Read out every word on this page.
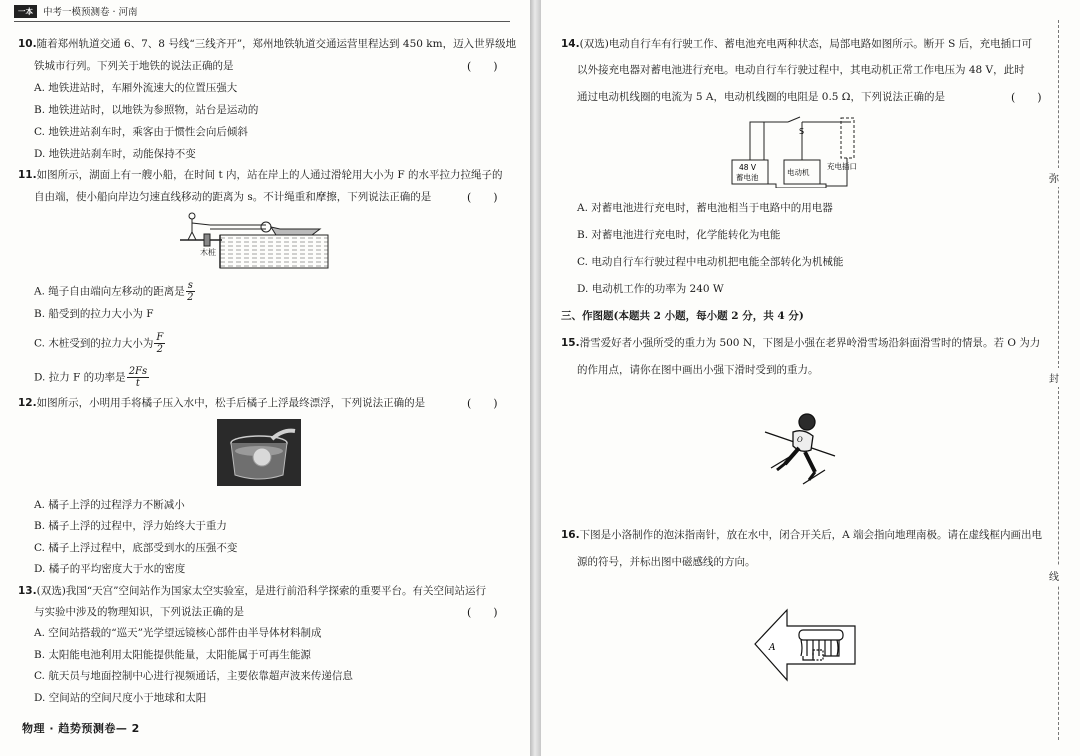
一本	中考一模预测卷 · 河南
10.随着郑州轨道交通 6、7、8 号线“三线齐开”，郑州地铁轨道交通运营里程达到 450 km，迈入世界级地
铁城市行列。下列关于地铁的说法正确的是	(　　)
A. 地铁进站时，车厢外流速大的位置压强大
B. 地铁进站时，以地铁为参照物，站台是运动的
C. 地铁进站刹车时，乘客由于惯性会向后倾斜
D. 地铁进站刹车时，动能保持不变
11.如图所示，湖面上有一艘小船，在时间 t 内，站在岸上的人通过滑轮用大小为 F 的水平拉力拉绳子的
自由端，使小船向岸边匀速直线移动的距离为 s。不计绳重和摩擦，下列说法正确的是	(　　)
木桩
A. 绳子自由端向左移动的距离是 $\frac{s}{2}$
B. 船受到的拉力大小为 F
C. 木桩受到的拉力大小为 $\frac{F}{2}$
D. 拉力 F 的功率是 $\frac{2Fs}{t}$
12.如图所示，小明用手将橘子压入水中，松手后橘子上浮最终漂浮，下列说法正确的是	(　　)
A. 橘子上浮的过程浮力不断减小
B. 橘子上浮的过程中，浮力始终大于重力
C. 橘子上浮过程中，底部受到水的压强不变
D. 橘子的平均密度大于水的密度
13.(双选)我国“天宫”空间站作为国家太空实验室，是进行前沿科学探索的重要平台。有关空间站运行
与实验中涉及的物理知识，下列说法正确的是	(　　)
A. 空间站搭载的“巡天”光学望远镜核心部件由半导体材料制成
B. 太阳能电池利用太阳能提供能量，太阳能属于可再生能源
C. 航天员与地面控制中心进行视频通话，主要依靠超声波来传递信息
D. 空间站的空间尺度小于地球和太阳
物理 · 趋势预测卷— 2
14.(双选)电动自行车有行驶工作、蓄电池充电两种状态，局部电路如图所示。断开 S 后，充电插口可
以外接充电器对蓄电池进行充电。电动自行车行驶过程中，其电动机正常工作电压为 48 V，此时
通过电动机线圈的电流为 5 A，电动机线圈的电阻是 0.5 Ω，下列说法正确的是	(　　)
S
48 V
蓄电池
电动机
充电插口
A. 对蓄电池进行充电时，蓄电池相当于电路中的用电器
B. 对蓄电池进行充电时，化学能转化为电能
C. 电动自行车行驶过程中电动机把电能全部转化为机械能
D. 电动机工作的功率为 240 W
三、作图题(本题共 2 小题，每小题 2 分，共 4 分)
15.滑雪爱好者小强所受的重力为 500 N，下图是小强在老界岭滑雪场沿斜面滑雪时的情景。若 O 为力
的作用点，请你在图中画出小强下滑时受到的重力。
O
16.下图是小洛制作的泡沫指南针，放在水中，闭合开关后，A 端会指向地理南极。请在虚线框内画出电
源的符号，并标出图中磁感线的方向。
A
弥
封
线
